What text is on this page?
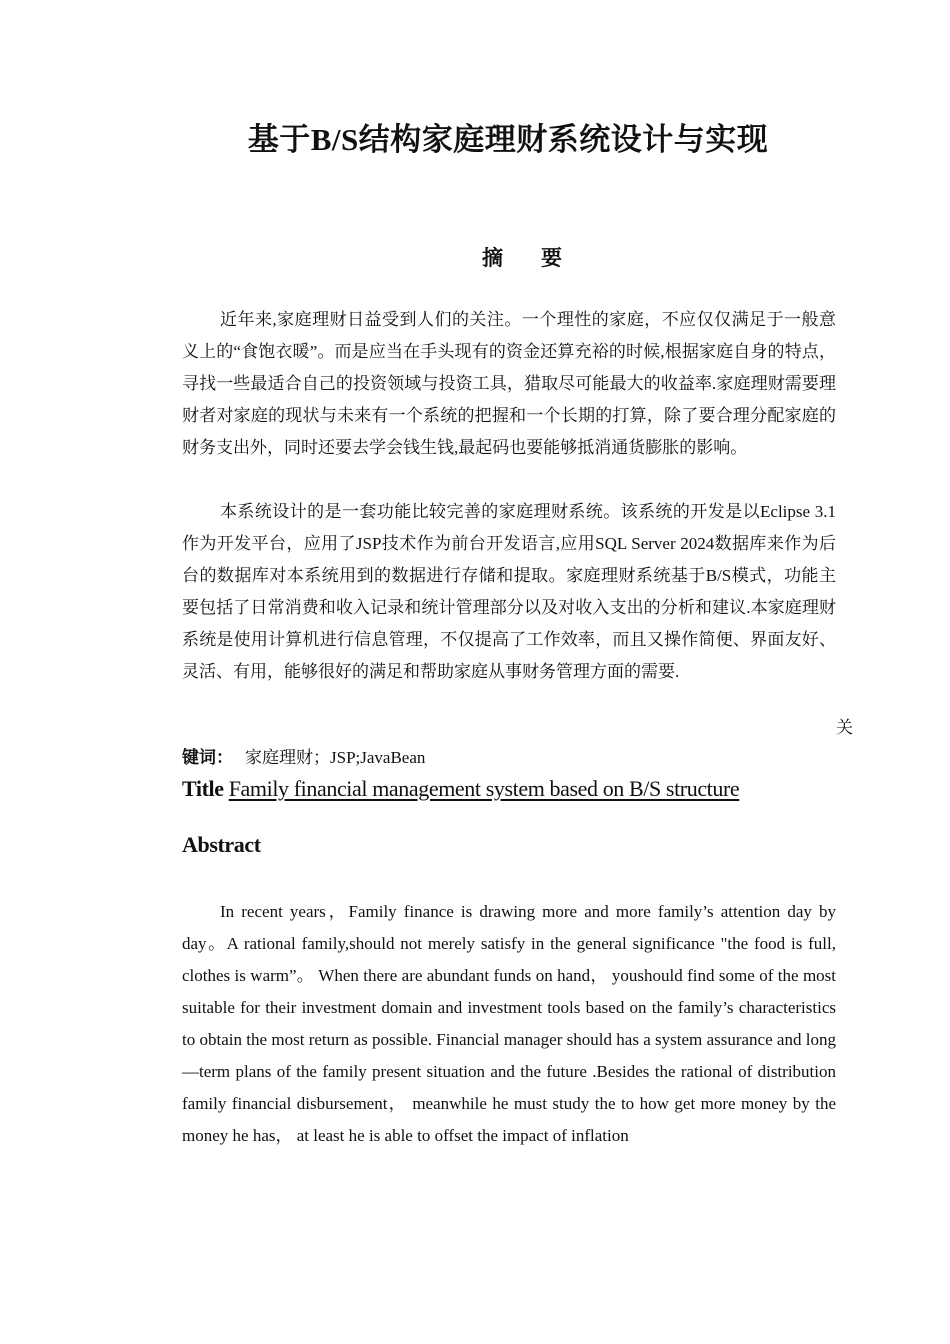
基于B/S结构家庭理财系统设计与实现
摘要

近年来,家庭理财日益受到人们的关注。一个理性的家庭，不应仅仅满足于一般意义上的“食饱衣暖”。而是应当在手头现有的资金还算充裕的时候,根据家庭自身的特点，寻找一些最适合自己的投资领域与投资工具，猎取尽可能最大的收益率.家庭理财需要理财者对家庭的现状与未来有一个系统的把握和一个长期的打算，除了要合理分配家庭的财务支出外，同时还要去学会钱生钱,最起码也要能够抵消通货膨胀的影响。

本系统设计的是一套功能比较完善的家庭理财系统。该系统的开发是以Eclipse 3.1作为开发平台，应用了JSP技术作为前台开发语言,应用SQL Server 2024数据库来作为后台的数据库对本系统用到的数据进行存储和提取。家庭理财系统基于B/S模式，功能主要包括了日常消费和收入记录和统计管理部分以及对收入支出的分析和建议.本家庭理财系统是使用计算机进行信息管理，不仅提高了工作效率，而且又操作简便、界面友好、灵活、有用，能够很好的满足和帮助家庭从事财务管理方面的需要.

关
键词： 家庭理财；JSP;JavaBean
Title Family financial management system based on B/S structure
Abstract

In recent years，Family finance is drawing more and more family’s attention day by day。A rational family,should not merely satisfy in the general significance "the food is full, clothes is warm”。 When there are abundant funds on hand， youshould find some of the most suitable for their investment domain and investment tools based on the family’s characteristics to obtain the most return as possible. Financial manager should has a system assurance and long—term plans of the family present situation and the future .Besides the rational of distribution family financial disbursement， meanwhile he must study the to how get more money by the money he has， at least he is able to offset the impact of inflation
